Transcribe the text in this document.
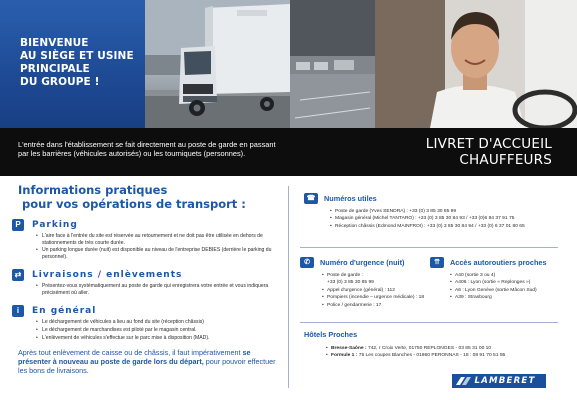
BIENVENUE
AU SIÈGE ET USINE
PRINCIPALE
DU GROUPE !

L'entrée dans l'établissement se fait directement au poste de garde en passant par les barrières (véhicules autorisés) ou les tourniquets (personnes).

LIVRET D'ACCUEIL
CHAUFFEURS
Informations pratiques
pour vos opérations de transport :
P	Parking
• L'aire face à l'entrée du site est réservée au retournement et ne doit pas être utilisée en dehors de stationnements de très courte durée.
• Un parking longue durée (nuit) est disponible au niveau de l'entreprise DEBIES (derrière le parking du personnel).
⇄ Livraisons / enlèvements
• Présentez-vous systématiquement au poste de garde qui enregistrera votre entrée et vous indiquera précisément où aller.
i	En général
• Le déchargement de véhicules a lieu au fond du site (réception châssis)
• Le déchargement de marchandises est piloté par le magasin central.
• L'enlèvement de véhicules s'effectue sur le parc mise à disposition (MAD).

Après tout enlèvement de caisse ou de châssis, il faut impérativement se présenter à nouveau au poste de garde lors du départ, pour pouvoir effectuer les bons de livraisons.

☎	Numéros utiles
• Poste de garde (Yves SENDRA) : +33 (0) 3 85 30 85 99
• Magasin général (Michel TANTARO) : +33 (0) 3 85 30 84 93 / +33 (0)6 84 37 91 75
• Réception châssis (Edmond MAINFROI) : +33 (0) 3 85 30 84 94 / +33 (0) 6 37 01 80 65
✆	Numéro d'urgence (nuit)
• Poste de garde :
+33 (0) 3 85 30 85 99
• Appel d'urgence (général) : 112
• Pompiers (incendie – urgence médicale) : 18
• Police / gendarmerie : 17
⇈	Accès autoroutiers proches
• A40 (sortie 3 ou 4)
• A406 : Lyon (sortie « Replonges »)
• A6 : Lyon Genève (sortie Mâcon Sud)
• A39 : Strasbourg
Hôtels Proches
• Bresse-Saône : 742, r Croix Verte, 01750 REPLONGES - 03 85 31 00 10
• Formule 1 : 75 Les coupes Blanches - 01960 PERONNAS - 18 : 08 91 70 51 95
LAMBERET
